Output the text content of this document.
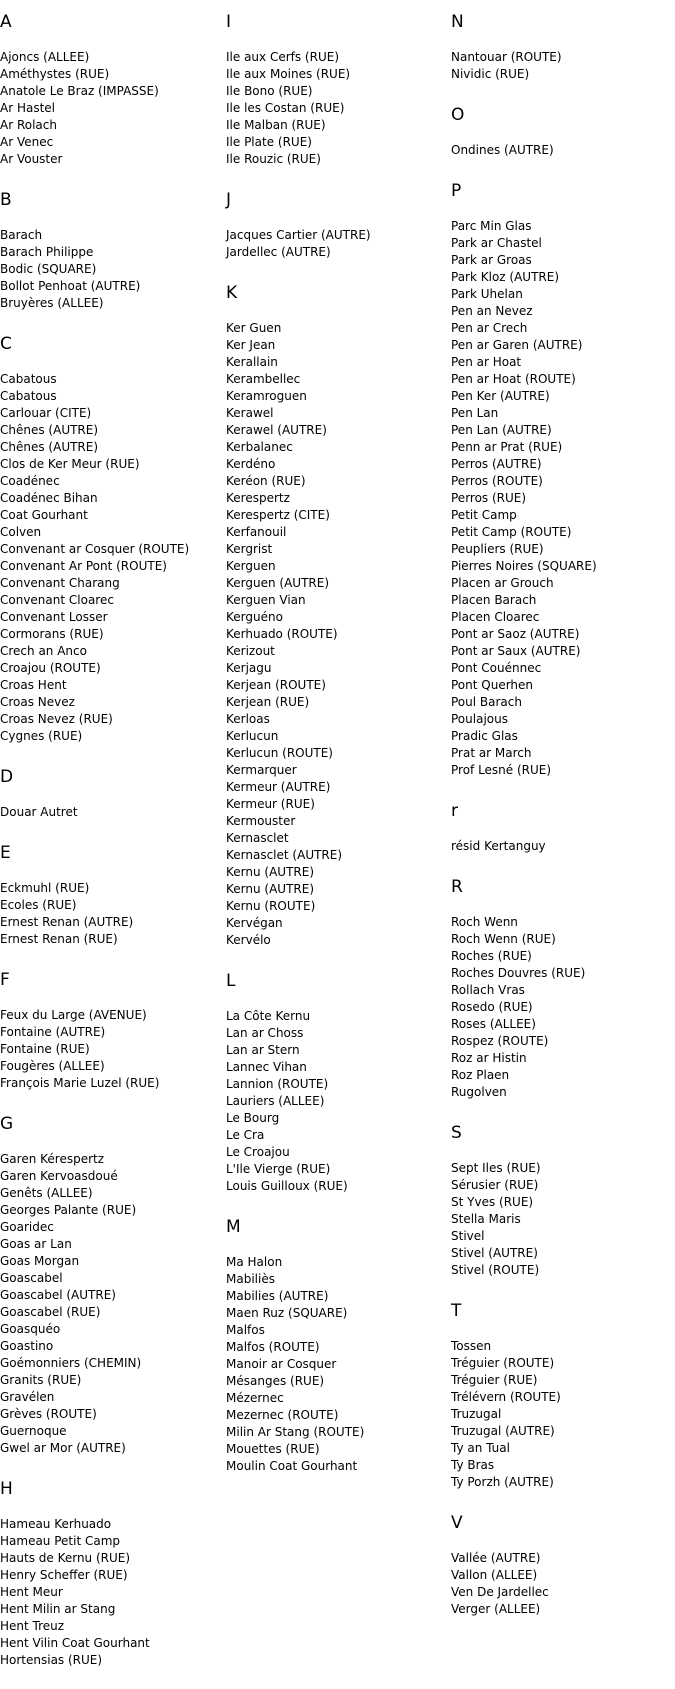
A
Ajoncs (ALLEE)
Améthystes (RUE)
Anatole Le Braz (IMPASSE)
Ar Hastel
Ar Rolach
Ar Venec
Ar Vouster
B
Barach
Barach Philippe
Bodic (SQUARE)
Bollot Penhoat (AUTRE)
Bruyères (ALLEE)
C
Cabatous
Cabatous
Carlouar (CITE)
Chênes (AUTRE)
Chênes (AUTRE)
Clos de Ker Meur (RUE)
Coadénec
Coadénec Bihan
Coat Gourhant
Colven
Convenant ar Cosquer (ROUTE)
Convenant Ar Pont (ROUTE)
Convenant Charang
Convenant Cloarec
Convenant Losser
Cormorans (RUE)
Crech an Anco
Croajou (ROUTE)
Croas Hent
Croas Nevez
Croas Nevez (RUE)
Cygnes (RUE)
D
Douar Autret
E
Eckmuhl (RUE)
Ecoles (RUE)
Ernest Renan (AUTRE)
Ernest Renan (RUE)
F
Feux du Large (AVENUE)
Fontaine (AUTRE)
Fontaine (RUE)
Fougères (ALLEE)
François Marie Luzel (RUE)
G
Garen Kérespertz
Garen Kervoasdoué
Genêts (ALLEE)
Georges Palante (RUE)
Goaridec
Goas ar Lan
Goas Morgan
Goascabel
Goascabel (AUTRE)
Goascabel (RUE)
Goasquéo
Goastino
Goémonniers (CHEMIN)
Granits (RUE)
Gravélen
Grèves (ROUTE)
Guernoque
Gwel ar Mor (AUTRE)
H
Hameau Kerhuado
Hameau Petit Camp
Hauts de Kernu (RUE)
Henry Scheffer (RUE)
Hent Meur
Hent Milin ar Stang
Hent Treuz
Hent Vilin Coat Gourhant
Hortensias (RUE)
I
Ile aux Cerfs (RUE)
Ile aux Moines (RUE)
Ile Bono (RUE)
Ile les Costan (RUE)
Ile Malban (RUE)
Ile Plate (RUE)
Ile Rouzic (RUE)
J
Jacques Cartier (AUTRE)
Jardellec (AUTRE)
K
Ker Guen
Ker Jean
Kerallain
Kerambellec
Keramroguen
Kerawel
Kerawel (AUTRE)
Kerbalanec
Kerdéno
Keréon (RUE)
Kerespertz
Kerespertz (CITE)
Kerfanouil
Kergrist
Kerguen
Kerguen (AUTRE)
Kerguen Vian
Kerguéno
Kerhuado (ROUTE)
Kerizout
Kerjagu
Kerjean (ROUTE)
Kerjean (RUE)
Kerloas
Kerlucun
Kerlucun (ROUTE)
Kermarquer
Kermeur (AUTRE)
Kermeur (RUE)
Kermouster
Kernasclet
Kernasclet (AUTRE)
Kernu (AUTRE)
Kernu (AUTRE)
Kernu (ROUTE)
Kervégan
Kervélo
L
La Côte Kernu
Lan ar Choss
Lan ar Stern
Lannec Vihan
Lannion (ROUTE)
Lauriers (ALLEE)
Le Bourg
Le Cra
Le Croajou
L'Ile Vierge (RUE)
Louis Guilloux (RUE)
M
Ma Halon
Mabiliès
Mabilies (AUTRE)
Maen Ruz (SQUARE)
Malfos
Malfos (ROUTE)
Manoir ar Cosquer
Mésanges (RUE)
Mézernec
Mezernec (ROUTE)
Milin Ar Stang (ROUTE)
Mouettes (RUE)
Moulin Coat Gourhant
N
Nantouar (ROUTE)
Nividic (RUE)
O
Ondines (AUTRE)
P
Parc Min Glas
Park ar Chastel
Park ar Groas
Park Kloz (AUTRE)
Park Uhelan
Pen an Nevez
Pen ar Crech
Pen ar Garen (AUTRE)
Pen ar Hoat
Pen ar Hoat (ROUTE)
Pen Ker (AUTRE)
Pen Lan
Pen Lan (AUTRE)
Penn ar Prat (RUE)
Perros (AUTRE)
Perros (ROUTE)
Perros (RUE)
Petit Camp
Petit Camp (ROUTE)
Peupliers (RUE)
Pierres Noires (SQUARE)
Placen ar Grouch
Placen Barach
Placen Cloarec
Pont ar Saoz (AUTRE)
Pont ar Saux (AUTRE)
Pont Couénnec
Pont Querhen
Poul Barach
Poulajous
Pradic Glas
Prat ar March
Prof Lesné (RUE)
r
résid Kertanguy
R
Roch Wenn
Roch Wenn (RUE)
Roches (RUE)
Roches Douvres (RUE)
Rollach Vras
Rosedo (RUE)
Roses (ALLEE)
Rospez (ROUTE)
Roz ar Histin
Roz Plaen
Rugolven
S
Sept Iles (RUE)
Sérusier (RUE)
St Yves (RUE)
Stella Maris
Stivel
Stivel (AUTRE)
Stivel (ROUTE)
T
Tossen
Tréguier (ROUTE)
Tréguier (RUE)
Trélévern (ROUTE)
Truzugal
Truzugal (AUTRE)
Ty an Tual
Ty Bras
Ty Porzh (AUTRE)
V
Vallée (AUTRE)
Vallon (ALLEE)
Ven De Jardellec
Verger (ALLEE)
